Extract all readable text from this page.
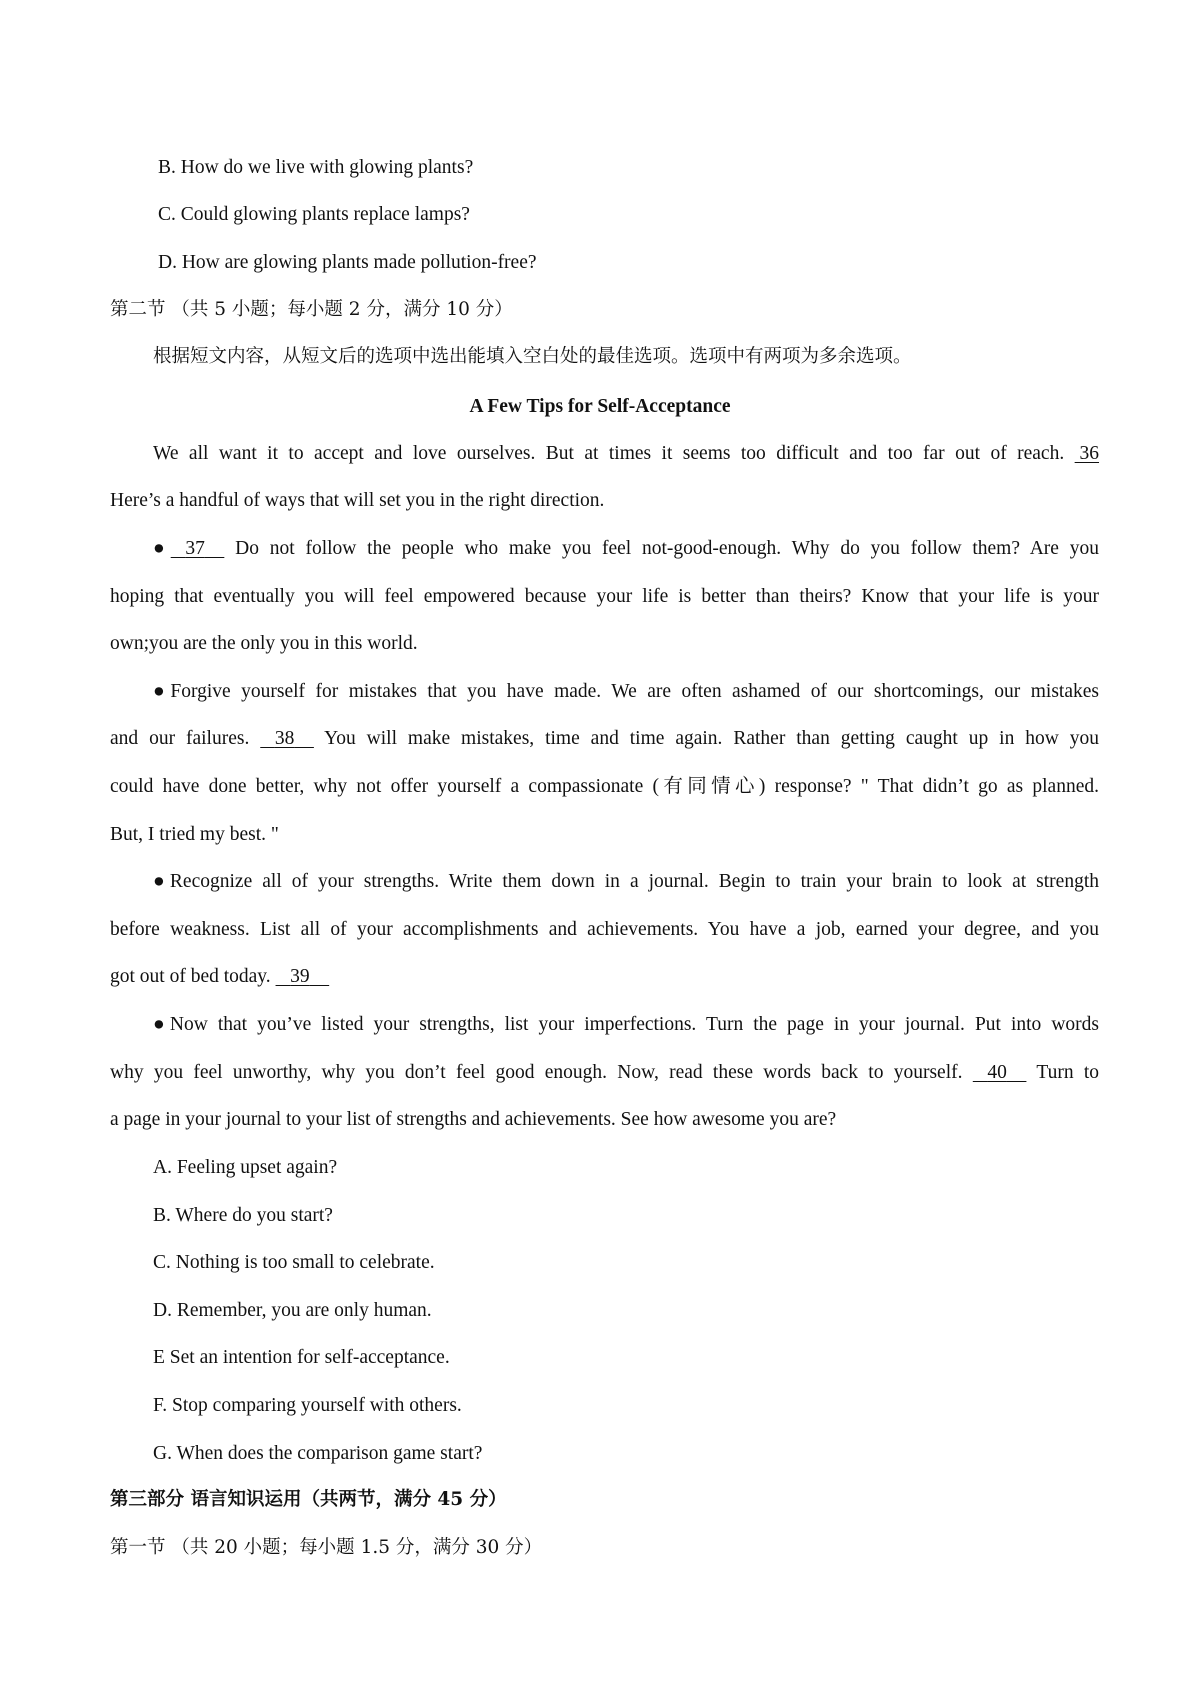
B. How do we live with glowing plants?
C. Could glowing plants replace lamps?
D. How are glowing plants made pollution-free?
第二节 （共 5 小题；每小题 2 分，满分 10 分）
根据短文内容，从短文后的选项中选出能填入空白处的最佳选项。选项中有两项为多余选项。
A Few Tips for Self-Acceptance
We all want it to accept and love ourselves. But at times it seems too difficult and too far out of reach. 36
Here’s a handful of ways that will set you in the right direction.
● 37 Do not follow the people who make you feel not-good-enough. Why do you follow them? Are you
hoping that eventually you will feel empowered because your life is better than theirs? Know that your life is your
own;you are the only you in this world.
●Forgive yourself for mistakes that you have made. We are often ashamed of our shortcomings, our mistakes
and our failures. 38 You will make mistakes, time and time again. Rather than getting caught up in how you
could have done better, why not offer yourself a compassionate (有同情心) response? " That didn’t go as planned.
But, I tried my best. "
●Recognize all of your strengths. Write them down in a journal. Begin to train your brain to look at strength
before weakness. List all of your accomplishments and achievements. You have a job, earned your degree, and you
got out of bed today. 39
●Now that you’ve listed your strengths, list your imperfections. Turn the page in your journal. Put into words
why you feel unworthy, why you don’t feel good enough. Now, read these words back to yourself. 40 Turn to
a page in your journal to your list of strengths and achievements. See how awesome you are?
A. Feeling upset again?
B. Where do you start?
C. Nothing is too small to celebrate.
D. Remember, you are only human.
E Set an intention for self-acceptance.
F. Stop comparing yourself with others.
G. When does the comparison game start?
第三部分 语言知识运用（共两节，满分 45 分）
第一节 （共 20 小题；每小题 1.5 分，满分 30 分）
